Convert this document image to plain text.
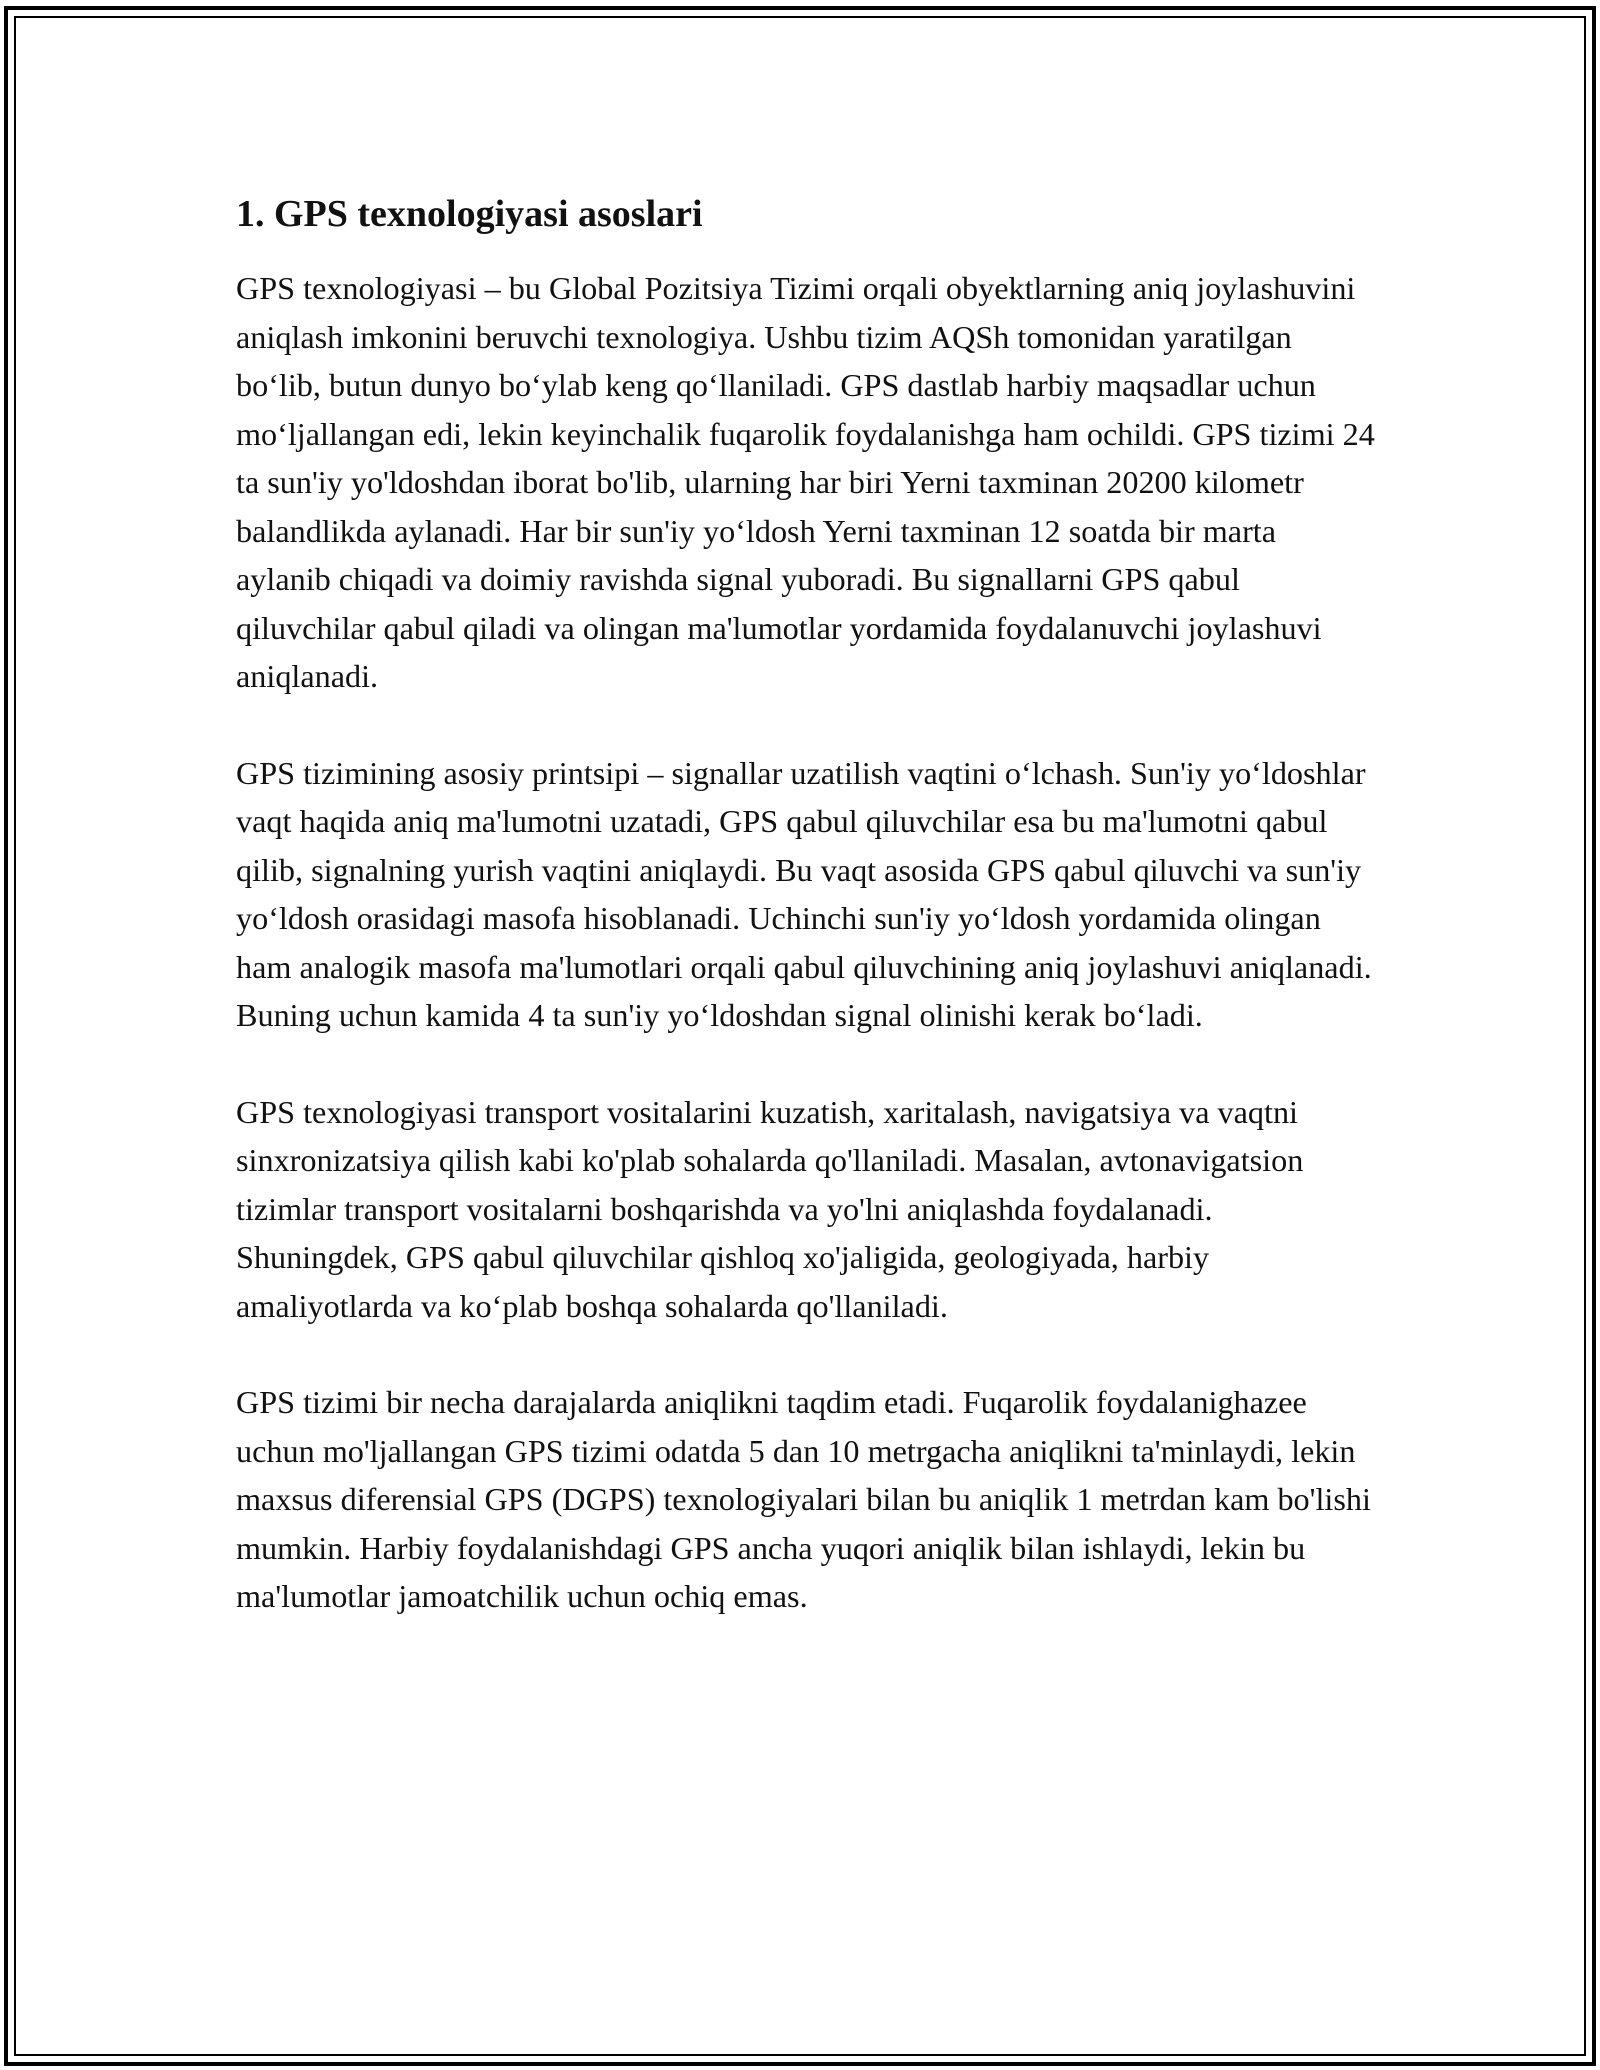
1. GPS texnologiyasi asoslari

GPS texnologiyasi – bu Global Pozitsiya Tizimi orqali obyektlarning aniq joylashuvini aniqlash imkonini beruvchi texnologiya. Ushbu tizim AQSh tomonidan yaratilgan boʻlib, butun dunyo boʻylab keng qoʻllaniladi. GPS dastlab harbiy maqsadlar uchun moʻljallangan edi, lekin keyinchalik fuqarolik foydalanishga ham ochildi. GPS tizimi 24 ta sun'iy yo'ldoshdan iborat bo'lib, ularning har biri Yerni taxminan 20200 kilometr balandlikda aylanadi. Har bir sun'iy yoʻldosh Yerni taxminan 12 soatda bir marta aylanib chiqadi va doimiy ravishda signal yuboradi. Bu signallarni GPS qabul qiluvchilar qabul qiladi va olingan ma'lumotlar yordamida foydalanuvchi joylashuvi aniqlanadi.

GPS tizimining asosiy printsipi – signallar uzatilish vaqtini oʻlchash. Sun'iy yoʻldoshlar vaqt haqida aniq ma'lumotni uzatadi, GPS qabul qiluvchilar esa bu ma'lumotni qabul qilib, signalning yurish vaqtini aniqlaydi. Bu vaqt asosida GPS qabul qiluvchi va sun'iy yoʻldosh orasidagi masofa hisoblanadi. Uchinchi sun'iy yoʻldosh yordamida olingan ham analogik masofa ma'lumotlari orqali qabul qiluvchining aniq joylashuvi aniqlanadi. Buning uchun kamida 4 ta sun'iy yoʻldoshdan signal olinishi kerak boʻladi.

GPS texnologiyasi transport vositalarini kuzatish, xaritalash, navigatsiya va vaqtni sinxronizatsiya qilish kabi ko'plab sohalarda qo'llaniladi. Masalan, avtonavigatsion tizimlar transport vositalarni boshqarishda va yo'lni aniqlashda foydalanadi. Shuningdek, GPS qabul qiluvchilar qishloq xo'jaligida, geologiyada, harbiy amaliyotlarda va koʻplab boshqa sohalarda qo'llaniladi.

GPS tizimi bir necha darajalarda aniqlikni taqdim etadi. Fuqarolik foydalanighazee uchun mo'ljallangan GPS tizimi odatda 5 dan 10 metrgacha aniqlikni ta'minlaydi, lekin maxsus diferensial GPS (DGPS) texnologiyalari bilan bu aniqlik 1 metrdan kam bo'lishi mumkin. Harbiy foydalanishdagi GPS ancha yuqori aniqlik bilan ishlaydi, lekin bu ma'lumotlar jamoatchilik uchun ochiq emas.
